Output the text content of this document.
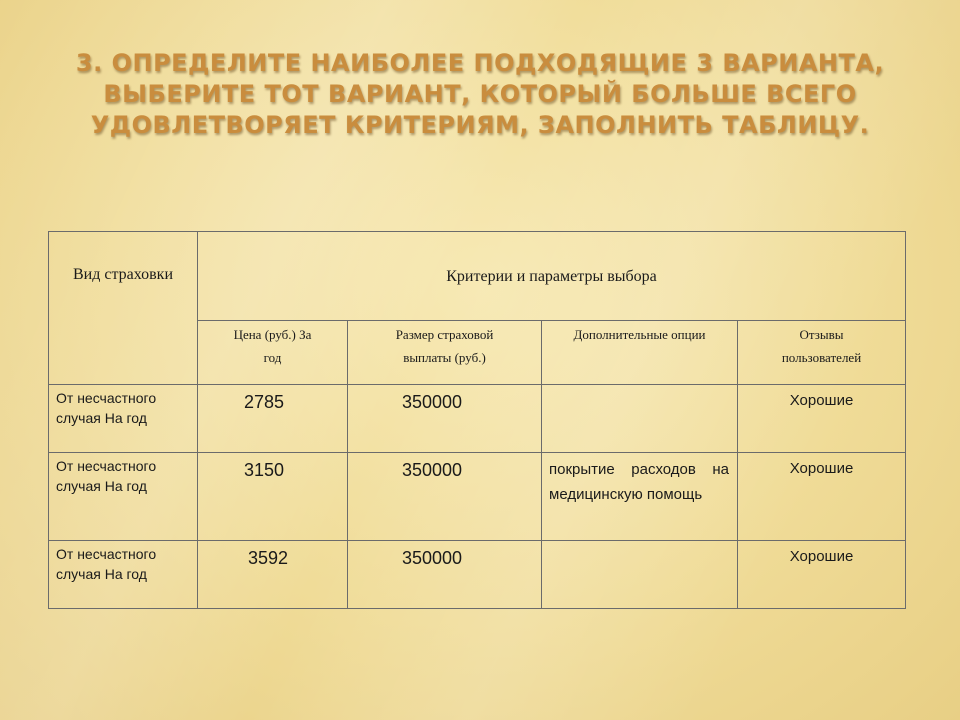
3. ОПРЕДЕЛИТЕ НАИБОЛЕЕ ПОДХОДЯЩИЕ 3 ВАРИАНТА, ВЫБЕРИТЕ ТОТ ВАРИАНТ, КОТОРЫЙ БОЛЬШЕ ВСЕГО УДОВЛЕТВОРЯЕТ КРИТЕРИЯМ, ЗАПОЛНИТЬ ТАБЛИЦУ.
Вид страховки	Критерии и параметры выбора			
	Цена (руб.) За год	Размер страховой выплаты (руб.)	Дополнительные опции	Отзывы пользователей
От несчастного случая На год	2785	350000		Хорошие
От несчастного случая На год	3150	350000	покрытие расходов на медицинскую помощь	Хорошие
От несчастного случая На год	3592	350000		Хорошие
